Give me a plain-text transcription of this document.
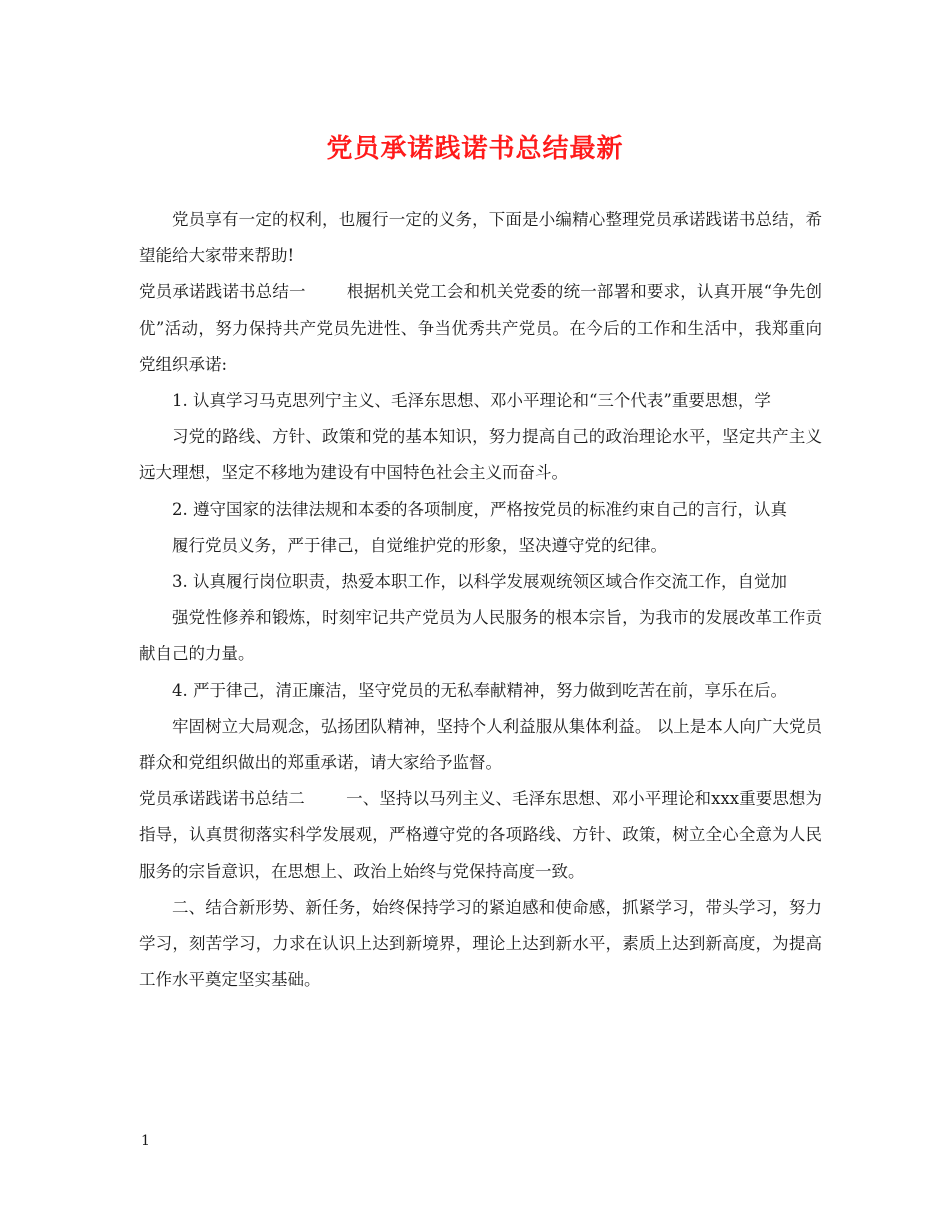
党员承诺践诺书总结最新

党员享有一定的权利，也履行一定的义务，下面是小编精心整理党员承诺践诺书总结，希望能给大家带来帮助!

党员承诺践诺书总结一	根据机关党工会和机关党委的统一部署和要求，认真开展“争先创优”活动，努力保持共产党员先进性、争当优秀共产党员。在今后的工作和生活中，我郑重向党组织承诺:

1. 认真学习马克思列宁主义、毛泽东思想、邓小平理论和“三个代表”重要思想，学

习党的路线、方针、政策和党的基本知识，努力提高自己的政治理论水平，坚定共产主义远大理想，坚定不移地为建设有中国特色社会主义而奋斗。

2. 遵守国家的法律法规和本委的各项制度，严格按党员的标准约束自己的言行，认真

履行党员义务，严于律己，自觉维护党的形象，坚决遵守党的纪律。

3. 认真履行岗位职责，热爱本职工作，以科学发展观统领区域合作交流工作，自觉加

强党性修养和锻炼，时刻牢记共产党员为人民服务的根本宗旨，为我市的发展改革工作贡献自己的力量。

4. 严于律己，清正廉洁，坚守党员的无私奉献精神，努力做到吃苦在前，享乐在后。

牢固树立大局观念，弘扬团队精神，坚持个人利益服从集体利益。 以上是本人向广大党员群众和党组织做出的郑重承诺，请大家给予监督。

党员承诺践诺书总结二	一、坚持以马列主义、毛泽东思想、邓小平理论和xxx重要思想为指导，认真贯彻落实科学发展观，严格遵守党的各项路线、方针、政策，树立全心全意为人民服务的宗旨意识，在思想上、政治上始终与党保持高度一致。

二、结合新形势、新任务，始终保持学习的紧迫感和使命感，抓紧学习，带头学习，努力学习，刻苦学习，力求在认识上达到新境界，理论上达到新水平，素质上达到新高度，为提高工作水平奠定坚实基础。

1
